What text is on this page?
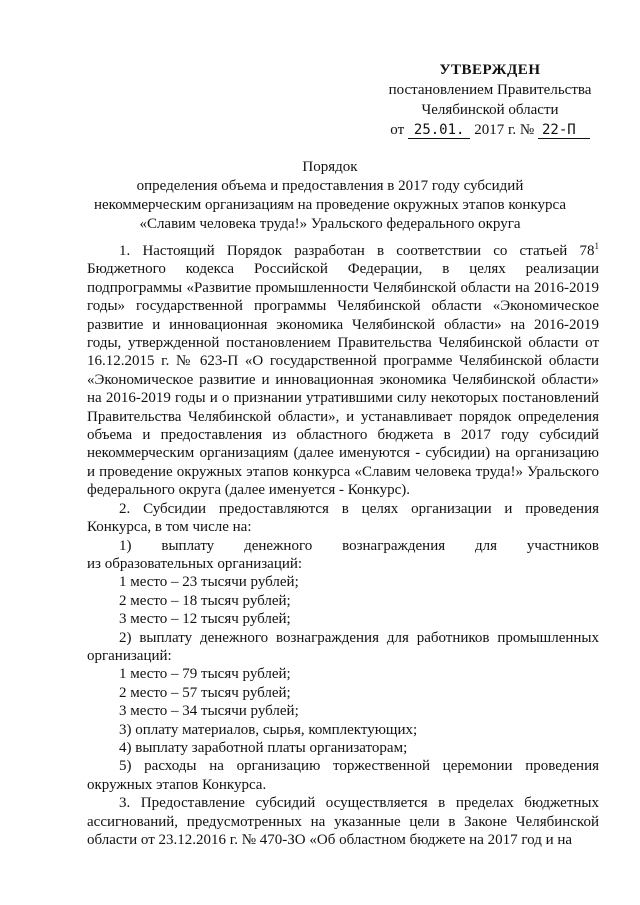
УТВЕРЖДЕН
постановлением Правительства
Челябинской области
от 25.01. 2017 г. № 22-П
Порядок
определения объема и предоставления в 2017 году субсидий
некоммерческим организациям на проведение окружных этапов конкурса
«Славим человека труда!» Уральского федерального округа

1. Настоящий Порядок разработан в соответствии со статьей $78^1$ Бюджетного кодекса Российской Федерации, в целях реализации подпрограммы «Развитие промышленности Челябинской области на 2016-2019 годы» государственной программы Челябинской области «Экономическое развитие и инновационная экономика Челябинской области» на 2016-2019 годы, утвержденной постановлением Правительства Челябинской области от 16.12.2015 г. № 623-П «О государственной программе Челябинской области «Экономическое развитие и инновационная экономика Челябинской области» на 2016-2019 годы и о признании утратившими силу некоторых постановлений Правительства Челябинской области», и устанавливает порядок определения объема и предоставления из областного бюджета в 2017 году субсидий некоммерческим организациям (далее именуются - субсидии) на организацию и проведение окружных этапов конкурса «Славим человека труда!» Уральского федерального округа (далее именуется - Конкурс).

2. Субсидии предоставляются в целях организации и проведения Конкурса, в том числе на:

1) выплату денежного вознаграждения для участников

из образовательных организаций:

1 место – 23 тысячи рублей;

2 место – 18 тысяч рублей;

3 место – 12 тысяч рублей;

2) выплату денежного вознаграждения для работников промышленных организаций:

1 место – 79 тысяч рублей;

2 место – 57 тысяч рублей;

3 место – 34 тысячи рублей;

3) оплату материалов, сырья, комплектующих;

4) выплату заработной платы организаторам;

5) расходы на организацию торжественной церемонии проведения окружных этапов Конкурса.

3. Предоставление субсидий осуществляется в пределах бюджетных ассигнований, предусмотренных на указанные цели в Законе Челябинской области от 23.12.2016 г. № 470-ЗО «Об областном бюджете на 2017 год и на
